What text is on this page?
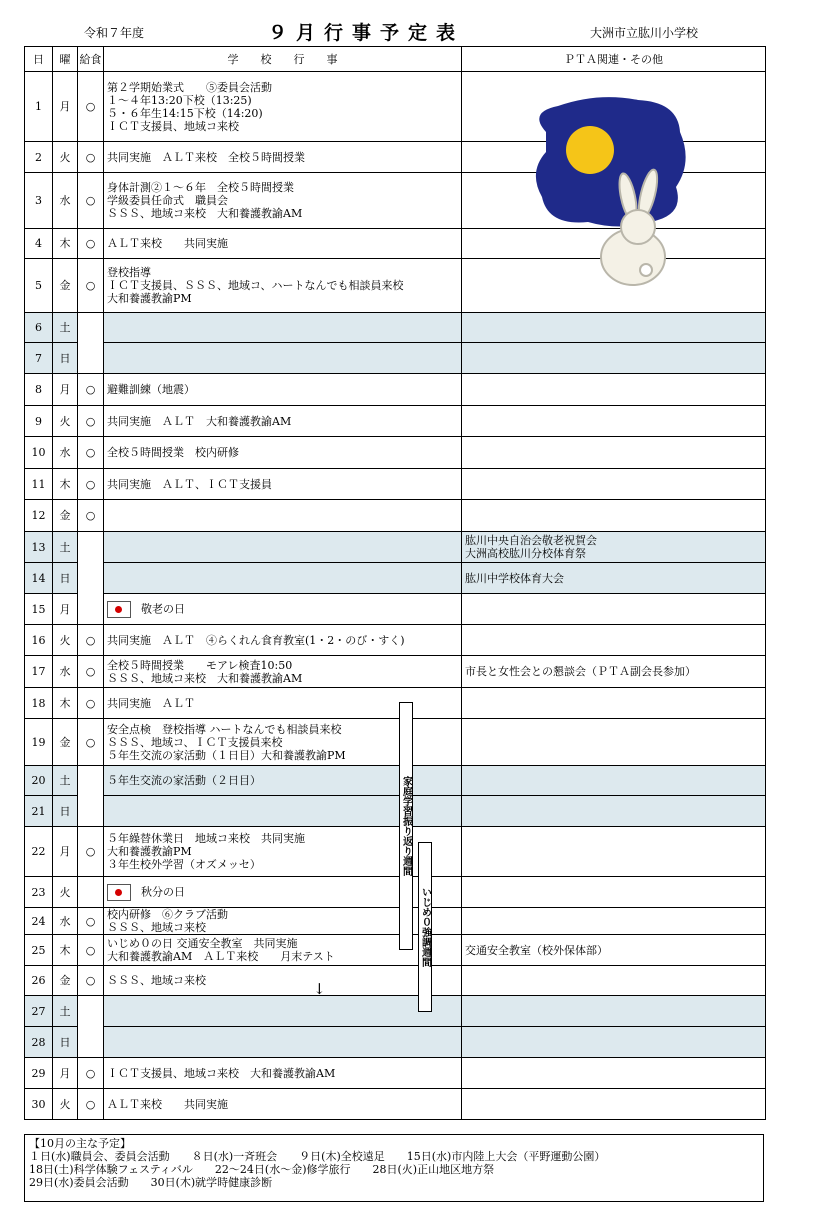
令和７年度	９月行事予定表	大洲市立肱川小学校
日	曜	給食	学　　校　　行　　事	ＰＴＡ関連・その他
1	月	○	第２学期始業式　　⑤委員会活動
１～４年13:20下校（13:25)
５・６年生14:15下校（14:20)
ＩＣＴ支援員、地域コ来校	
2	火	○	共同実施　ＡＬＴ来校　全校５時間授業	
3	水	○	身体計測②１～６年　全校５時間授業
学級委員任命式　職員会
ＳＳＳ、地域コ来校　大和養護教諭AM	
4	木	○	ＡＬＴ来校　　共同実施	
5	金	○	登校指導
ＩＣＴ支援員、ＳＳＳ、地域コ、ハートなんでも相談員来校
大和養護教諭PM	
6	土			
7	日			
8	月	○	避難訓練（地震）	
9	火	○	共同実施　ＡＬＴ　大和養護教諭AM	
10	水	○	全校５時間授業　校内研修	
11	木	○	共同実施　ＡＬＴ、ＩＣＴ支援員	
12	金	○		
13	土			肱川中央自治会敬老祝賀会
大洲高校肱川分校体育祭
14	日			肱川中学校体育大会
15	月		敬老の日	
16	火	○	共同実施　ＡＬＴ　④らくれん食育教室(1・2・のび・すく)	
17	水	○	全校５時間授業　　モアレ検査10:50
ＳＳＳ、地域コ来校　大和養護教諭AM	市長と女性会との懇談会（ＰＴＡ副会長参加）
18	木	○	共同実施　ＡＬＴ	
19	金	○	安全点検　登校指導 ハートなんでも相談員来校
ＳＳＳ、地域コ、ＩＣＴ支援員来校
５年生交流の家活動（１日目）大和養護教諭PM	
20	土		５年生交流の家活動（２日目）	
21	日			
22	月	○	５年繰替休業日　地域コ来校　共同実施
大和養護教諭PM
３年生校外学習（オズメッセ）	
23	火		秋分の日	
24	水	○	校内研修　⑥クラブ活動
ＳＳＳ、地域コ来校	
25	木	○	いじめ０の日 交通安全教室　共同実施
大和養護教諭AM　ＡＬＴ来校　　月末テスト	交通安全教室（校外保体部）
26	金	○	ＳＳＳ、地域コ来校	
27	土			
28	日			
29	月	○	ＩＣＴ支援員、地域コ来校　大和養護教諭AM	
30	火	○	ＡＬＴ来校　　共同実施	
家庭学習振り返り週間
いじめ０強調週間
↓
【10月の主な予定】
１日(水)職員会、委員会活動　　８日(水)一斉班会　　９日(木)全校遠足　　15日(水)市内陸上大会（平野運動公園）
18日(土)科学体験フェスティバル　　22～24日(水～金)修学旅行　　28日(火)正山地区地方祭
29日(水)委員会活動　　30日(木)就学時健康診断
